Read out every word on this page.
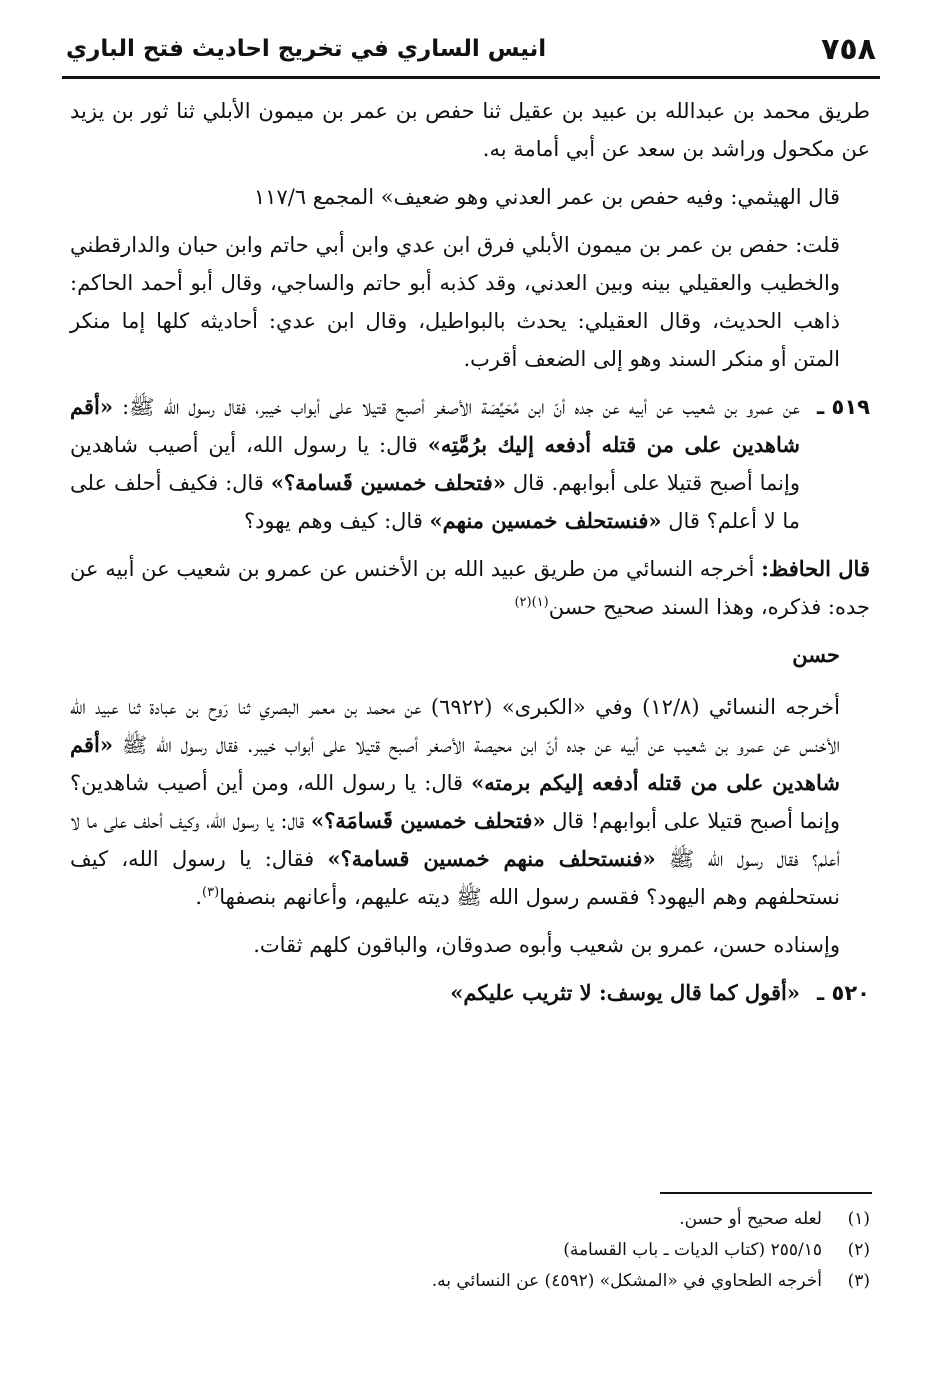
٧٥٨
انيس الساري في تخريج احاديث فتح الباري

طريق محمد بن عبدالله بن عبيد بن عقيل ثنا حفص بن عمر بن ميمون الأبلي ثنا ثور بن يزيد عن مكحول وراشد بن سعد عن أبي أمامة به.

قال الهيثمي: وفيه حفص بن عمر العدني وهو ضعيف» المجمع ١١٧/٦

قلت: حفص بن عمر بن ميمون الأبلي فرق ابن عدي وابن أبي حاتم وابن حبان والدارقطني والخطيب والعقيلي بينه وبين العدني، وقد كذبه أبو حاتم والساجي، وقال أبو أحمد الحاكم: ذاهب الحديث، وقال العقيلي: يحدث بالبواطيل، وقال ابن عدي: أحاديثه كلها إما منكر المتن أو منكر السند وهو إلى الضعف أقرب.

٥١٩ ـ
عن عمرو بن شعيب عن أبيه عن جده أنّ ابن مُحَيِّصَة الأصغر أصبح قتيلا على أبواب خيبر، فقال رسول الله ﷺ: «أقم شاهدين على من قتله أدفعه إليك برُمَّتِه» قال: يا رسول الله، أين أصيب شاهدين وإنما أصبح قتيلا على أبوابهم. قال «فتحلف خمسين قَسامة؟» قال: فكيف أحلف على ما لا أعلم؟ قال «فنستحلف خمسين منهم» قال: كيف وهم يهود؟

قال الحافظ: أخرجه النسائي من طريق عبيد الله بن الأخنس عن عمرو بن شعيب عن أبيه عن جده: فذكره، وهذا السند صحيح حسن$^{(١)(٢)}$

حسن

أخرجه النسائي (١٢/٨) وفي «الكبرى» (٦٩٢٢) عن محمد بن معمر البصري ثنا رَوح بن عبادة ثنا عبيد الله الأخنس عن عمرو بن شعيب عن أبيه عن جده أنّ ابن محيصة الأصغر أصبح قتيلا على أبواب خيبر. فقال رسول الله ﷺ «أقم شاهدين على من قتله أدفعه إليكم برمته» قال: يا رسول الله، ومن أين أصيب شاهدين؟ وإنما أصبح قتيلا على أبوابهم! قال «فتحلف خمسين قَسامَة؟» قال: يا رسول الله، وكيف أحلف على ما لا أعلم؟ فقال رسول الله ﷺ «فنستحلف منهم خمسين قسامة؟» فقال: يا رسول الله، كيف نستحلفهم وهم اليهود؟ فقسم رسول الله ﷺ ديته عليهم، وأعانهم بنصفها$^{(٣)}$.

وإسناده حسن، عمرو بن شعيب وأبوه صدوقان، والباقون كلهم ثقات.

٥٢٠ ـ
«أقول كما قال يوسف: لا تثريب عليكم»
(١)
لعله صحيح أو حسن.
(٢)
٢٥٥/١٥ (كتاب الديات ـ باب القسامة)
(٣)
أخرجه الطحاوي في «المشكل» (٤٥٩٢) عن النسائي به.
